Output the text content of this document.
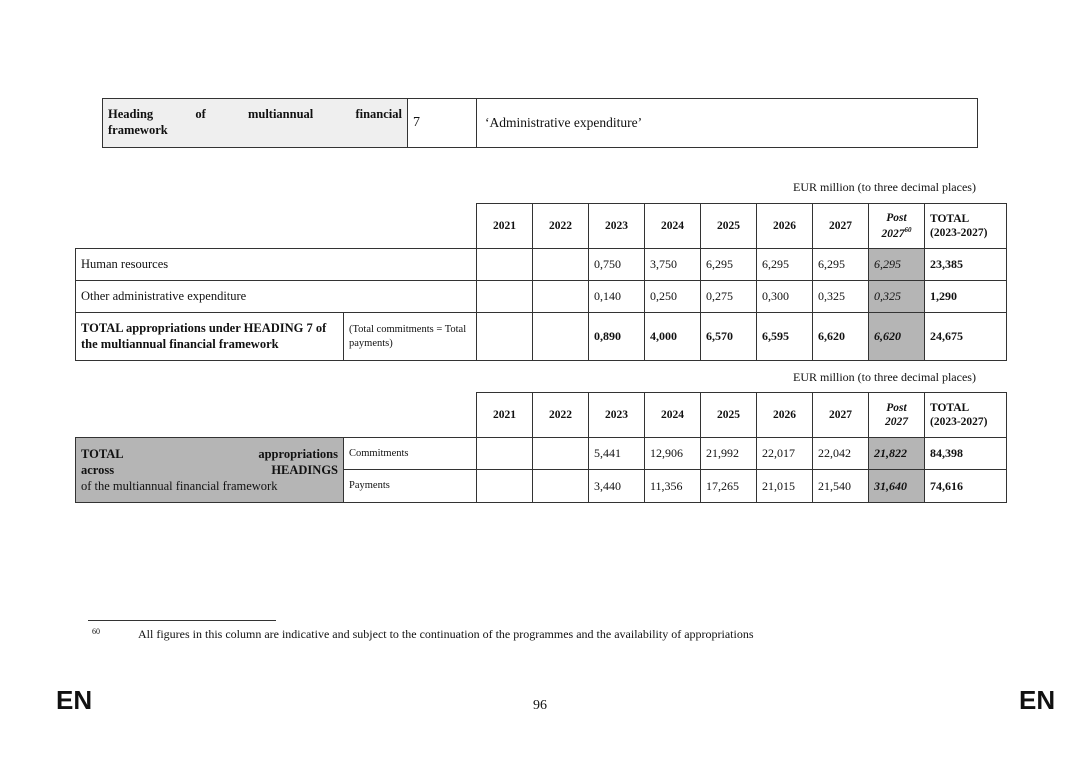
Heading of multiannual financial
framework	7	‘Administrative expenditure’
EUR million (to three decimal places)
		2021	2022	2023	2024	2025	2026	2027	Post
2027$^{60}$	TOTAL
(2023-2027)
Human resources				0,750	3,750	6,295	6,295	6,295	6,295	23,385
Other administrative expenditure				0,140	0,250	0,275	0,300	0,325	0,325	1,290
TOTAL appropriations under HEADING 7 of the multiannual financial framework	(Total commitments = Total payments)			0,890	4,000	6,570	6,595	6,620	6,620	24,675
EUR million (to three decimal places)
		2021	2022	2023	2024	2025	2026	2027	Post
2027	TOTAL
(2023-2027)

TOTAL appropriations
across HEADINGS
of the multiannual financial framework	Commitments			5,441	12,906	21,992	22,017	22,042	21,822	84,398
	Payments			3,440	11,356	17,265	21,015	21,540	31,640	74,616
60	All figures in this column are indicative and subject to the continuation of the programmes and the availability of appropriations
EN	96	EN
